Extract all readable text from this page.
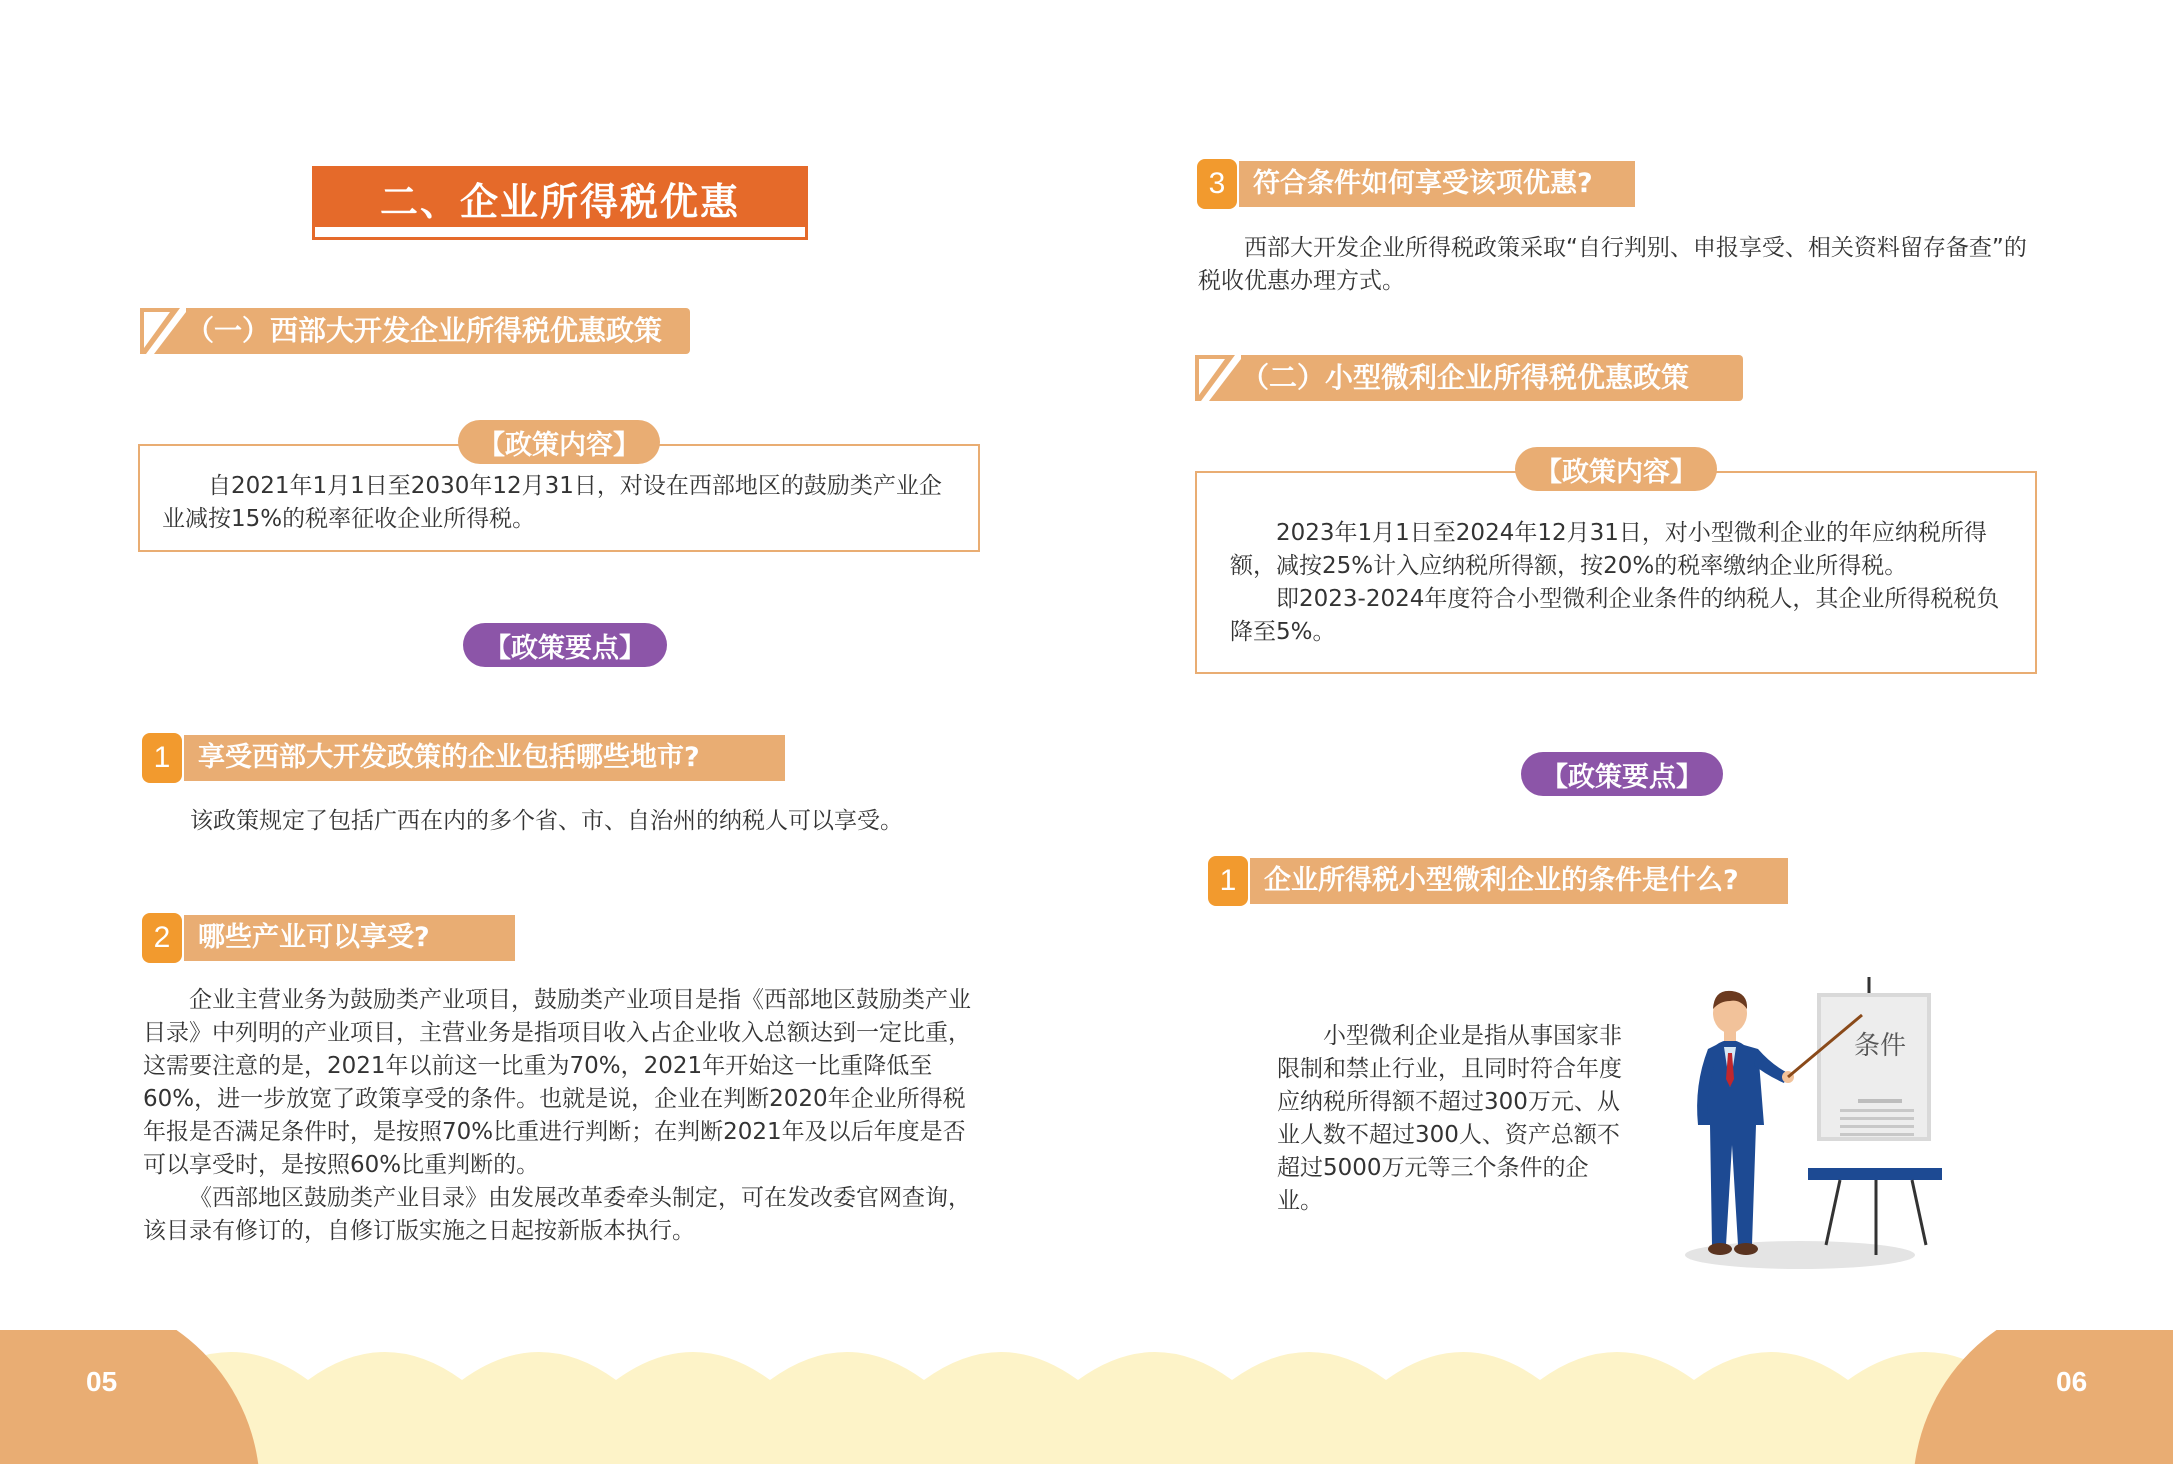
二、企业所得税优惠
（一）西部大开发企业所得税优惠政策
【政策内容】

自2021年1月1日至2030年12月31日，对设在西部地区的鼓励类产业企业减按15%的税率征收企业所得税。

【政策要点】
1	享受西部大开发政策的企业包括哪些地市?
该政策规定了包括广西在内的多个省、市、自治州的纳税人可以享受。
2	哪些产业可以享受?

企业主营业务为鼓励类产业项目，鼓励类产业项目是指《西部地区鼓励类产业目录》中列明的产业项目，主营业务是指项目收入占企业收入总额达到一定比重，这需要注意的是，2021年以前这一比重为70%，2021年开始这一比重降低至60%，进一步放宽了政策享受的条件。也就是说，企业在判断2020年企业所得税年报是否满足条件时，是按照70%比重进行判断；在判断2021年及以后年度是否可以享受时，是按照60%比重判断的。

《西部地区鼓励类产业目录》由发展改革委牵头制定，可在发改委官网查询，该目录有修订的，自修订版实施之日起按新版本执行。

3	符合条件如何享受该项优惠?

西部大开发企业所得税政策采取“自行判别、申报享受、相关资料留存备查”的税收优惠办理方式。

（二）小型微利企业所得税优惠政策
【政策内容】

2023年1月1日至2024年12月31日，对小型微利企业的年应纳税所得额，减按25%计入应纳税所得额，按20%的税率缴纳企业所得税。

即2023-2024年度符合小型微利企业条件的纳税人，其企业所得税税负降至5%。

【政策要点】
1	企业所得税小型微利企业的条件是什么?

小型微利企业是指从事国家非限制和禁止行业，且同时符合年度应纳税所得额不超过300万元、从业人数不超过300人、资产总额不超过5000万元等三个条件的企业。

条件
05	06
